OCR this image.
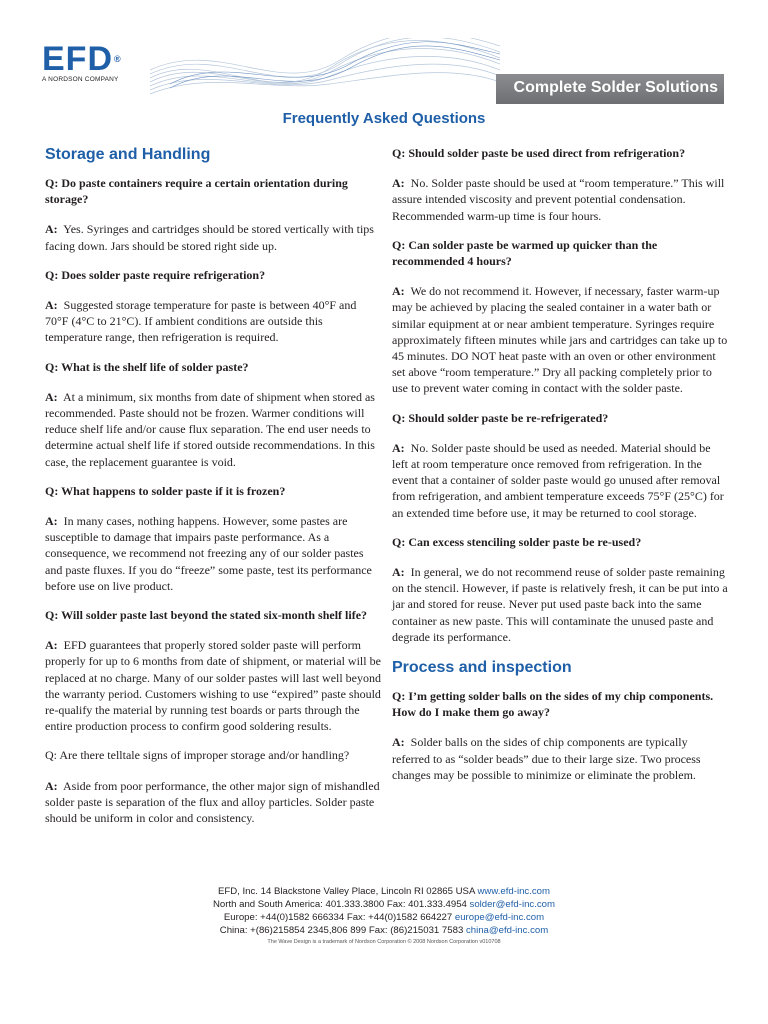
EFD®
A NORDSON COMPANY	Complete Solder Solutions
Frequently Asked Questions
Storage and Handling

Q: Do paste containers require a certain orientation during storage?

A: Yes. Syringes and cartridges should be stored vertically with tips facing down. Jars should be stored right side up.

Q: Does solder paste require refrigeration?

A: Suggested storage temperature for paste is between 40°F and 70°F (4°C to 21°C). If ambient conditions are outside this temperature range, then refrigeration is required.

Q: What is the shelf life of solder paste?

A: At a minimum, six months from date of shipment when stored as recommended. Paste should not be frozen. Warmer conditions will reduce shelf life and/or cause flux separation. The end user needs to determine actual shelf life if stored outside recommendations. In this case, the replacement guarantee is void.

Q: What happens to solder paste if it is frozen?

A: In many cases, nothing happens. However, some pastes are susceptible to damage that impairs paste performance. As a consequence, we recommend not freezing any of our solder pastes and paste fluxes. If you do “freeze” some paste, test its performance before use on live product.

Q: Will solder paste last beyond the stated six-month shelf life?

A: EFD guarantees that properly stored solder paste will perform properly for up to 6 months from date of shipment, or material will be replaced at no charge. Many of our solder pastes will last well beyond the warranty period. Customers wishing to use “expired” paste should re-qualify the material by running test boards or parts through the entire production process to confirm good soldering results.

Q: Are there telltale signs of improper storage and/or handling?

A: Aside from poor performance, the other major sign of mishandled solder paste is separation of the flux and alloy particles. Solder paste should be uniform in color and consistency.

Q: Should solder paste be used direct from refrigeration?

A: No. Solder paste should be used at “room temperature.” This will assure intended viscosity and prevent potential condensation. Recommended warm-up time is four hours.

Q: Can solder paste be warmed up quicker than the recommended 4 hours?

A: We do not recommend it. However, if necessary, faster warm-up may be achieved by placing the sealed container in a water bath or similar equipment at or near ambient temperature. Syringes require approximately fifteen minutes while jars and cartridges can take up to 45 minutes. DO NOT heat paste with an oven or other environment set above “room temperature.” Dry all packing completely prior to use to prevent water coming in contact with the solder paste.

Q: Should solder paste be re-refrigerated?

A: No. Solder paste should be used as needed. Material should be left at room temperature once removed from refrigeration. In the event that a container of solder paste would go unused after removal from refrigeration, and ambient temperature exceeds 75°F (25°C) for an extended time before use, it may be returned to cool storage.

Q: Can excess stenciling solder paste be re-used?

A: In general, we do not recommend reuse of solder paste remaining on the stencil. However, if paste is relatively fresh, it can be put into a jar and stored for reuse. Never put used paste back into the same container as new paste. This will contaminate the unused paste and degrade its performance.

Process and inspection

Q: I’m getting solder balls on the sides of my chip components. How do I make them go away?

A: Solder balls on the sides of chip components are typically referred to as “solder beads” due to their large size. Two process changes may be possible to minimize or eliminate the problem.

EFD, Inc. 14 Blackstone Valley Place, Lincoln RI 02865 USA www.efd-inc.com
North and South America: 401.333.3800 Fax: 401.333.4954 solder@efd-inc.com
Europe: +44(0)1582 666334 Fax: +44(0)1582 664227 europe@efd-inc.com
China: +(86)215854 2345,806 899 Fax: (86)215031 7583 china@efd-inc.com
The Wave Design is a trademark of Nordson Corporation © 2008 Nordson Corporation v010708
